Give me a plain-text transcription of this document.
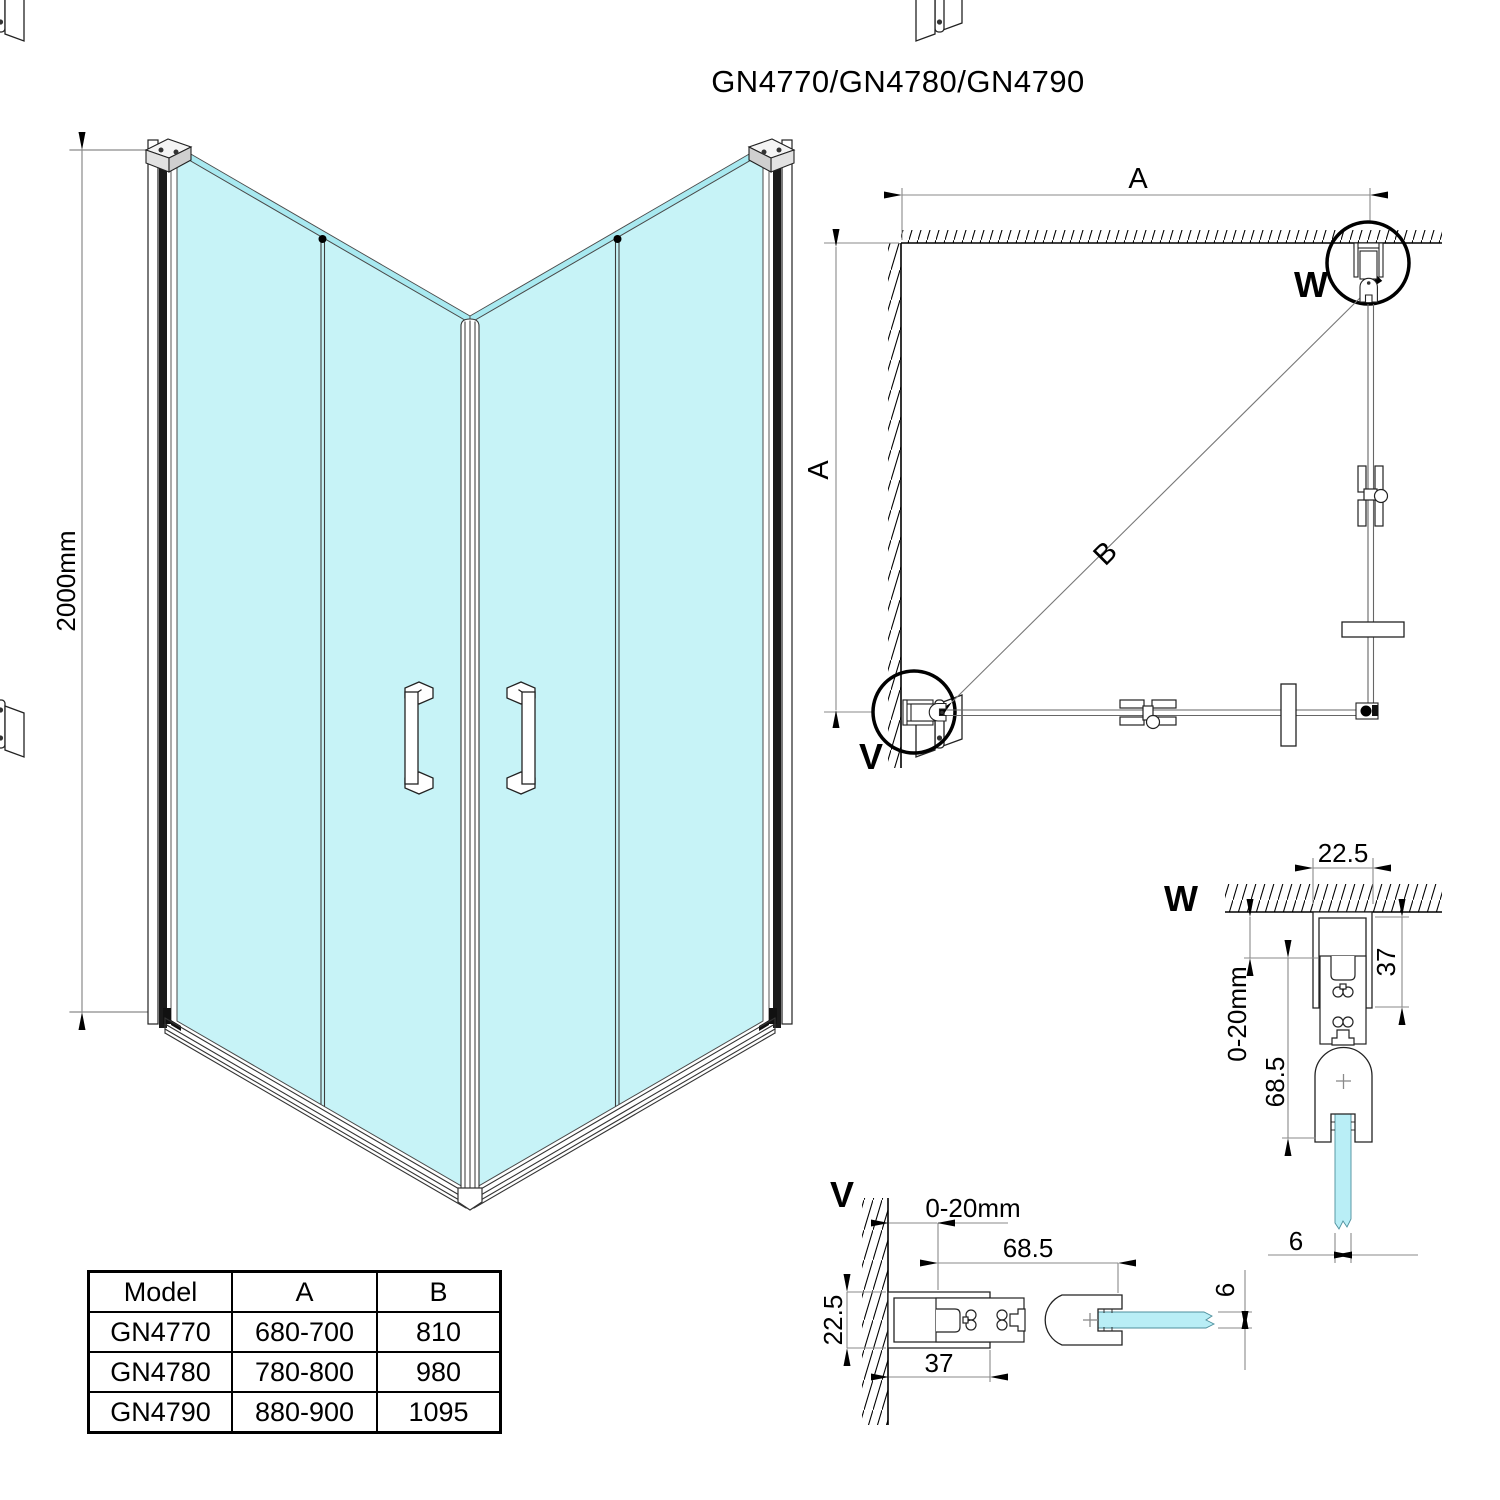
GN4770/GN4780/GN4790
2000mm
A
A
B
W
V
W
22.5
37
0-20mm
68.5
6
V	0-20mm
68.5
22.5
37
6
Model	A	B
GN4770	680-700	810
GN4780	780-800	980
GN4790	880-900	1095
